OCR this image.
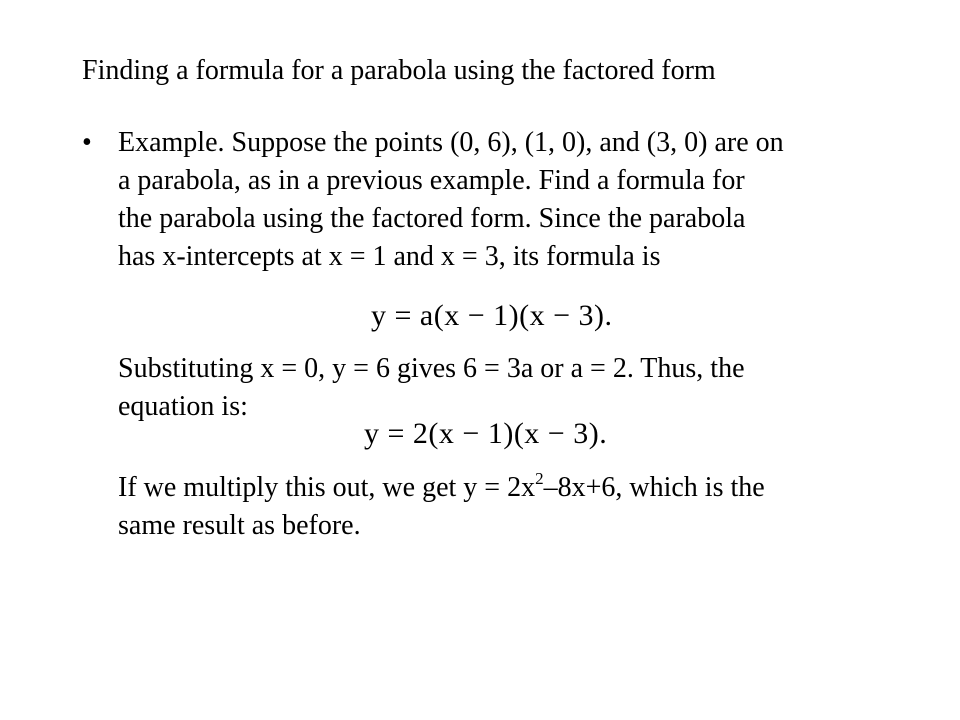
Finding a formula for a parabola using the factored form
• Example. Suppose the points (0, 6), (1, 0), and (3, 0) are on
a parabola, as in a previous example. Find a formula for
the parabola using the factored form. Since the parabola
has x-intercepts at x = 1 and x = 3, its formula is
y = a(x − 1)(x − 3).
Substituting x = 0, y = 6 gives 6 = 3a or a = 2. Thus, the
equation is:
y = 2(x − 1)(x − 3).
If we multiply this out, we get $y = 2x^2-8x+6$, which is the
same result as before.
